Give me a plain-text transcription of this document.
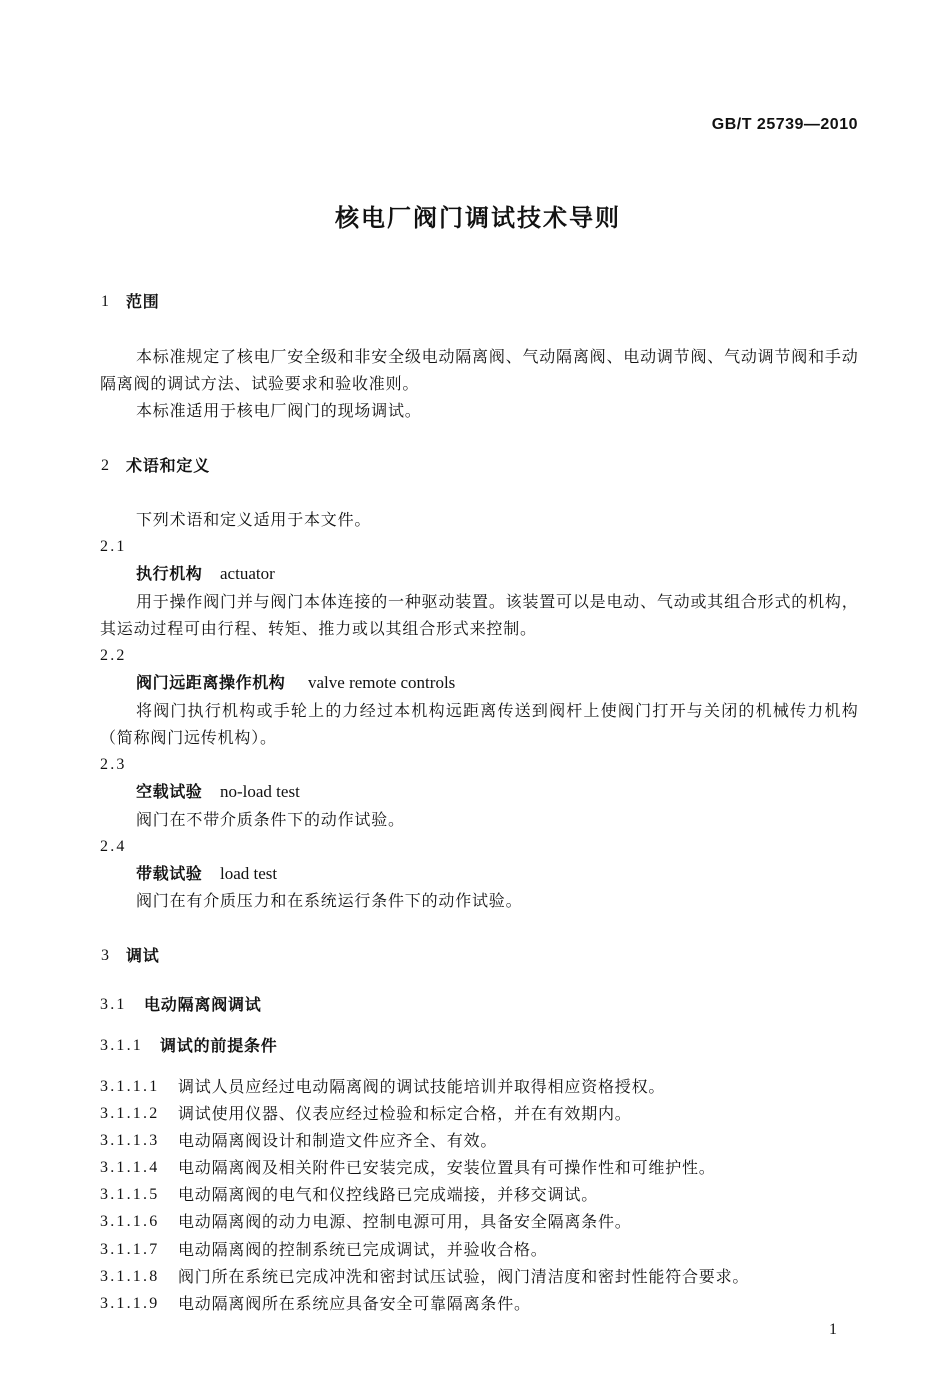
GB/T 25739—2010
核电厂阀门调试技术导则
1 范围
本标准规定了核电厂安全级和非安全级电动隔离阀、气动隔离阀、电动调节阀、气动调节阀和手动
隔离阀的调试方法、试验要求和验收准则。
本标准适用于核电厂阀门的现场调试。
2 术语和定义
下列术语和定义适用于本文件。
2.1
执行机构 actuator
用于操作阀门并与阀门本体连接的一种驱动装置。该装置可以是电动、气动或其组合形式的机构，
其运动过程可由行程、转矩、推力或以其组合形式来控制。
2.2
阀门远距离操作机构 valve remote controls
将阀门执行机构或手轮上的力经过本机构远距离传送到阀杆上使阀门打开与关闭的机械传力机构
（简称阀门远传机构）。
2.3
空载试验 no-load test
阀门在不带介质条件下的动作试验。
2.4
带载试验 load test
阀门在有介质压力和在系统运行条件下的动作试验。
3 调试
3.1 电动隔离阀调试
3.1.1 调试的前提条件
3.1.1.1 调试人员应经过电动隔离阀的调试技能培训并取得相应资格授权。
3.1.1.2 调试使用仪器、仪表应经过检验和标定合格，并在有效期内。
3.1.1.3 电动隔离阀设计和制造文件应齐全、有效。
3.1.1.4 电动隔离阀及相关附件已安装完成，安装位置具有可操作性和可维护性。
3.1.1.5 电动隔离阀的电气和仪控线路已完成端接，并移交调试。
3.1.1.6 电动隔离阀的动力电源、控制电源可用，具备安全隔离条件。
3.1.1.7 电动隔离阀的控制系统已完成调试，并验收合格。
3.1.1.8 阀门所在系统已完成冲洗和密封试压试验，阀门清洁度和密封性能符合要求。
3.1.1.9 电动隔离阀所在系统应具备安全可靠隔离条件。
1
